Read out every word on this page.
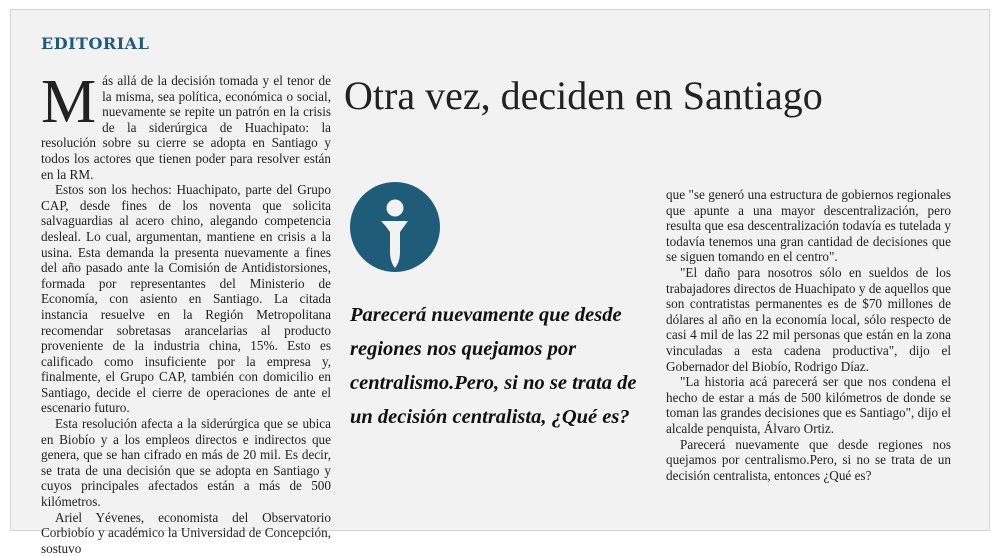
EDITORIAL

Más allá de la decisión tomada y el tenor de la misma, sea política, económica o social, nuevamente se repite un patrón en la crisis de la siderúrgica de Huachipato: la resolución sobre su cierre se adopta en Santiago y todos los actores que tienen poder para resolver están en la RM.

Estos son los hechos: Huachipato, parte del Grupo CAP, desde fines de los noventa que solicita salvaguardias al acero chino, alegando competencia desleal. Lo cual, argumentan, mantiene en crisis a la usina. Esta demanda la presenta nuevamente a fines del año pasado ante la Comisión de Antidistorsiones, formada por representantes del Ministerio de Economía, con asiento en Santiago. La citada instancia resuelve en la Región Metropolitana recomendar sobretasas arancelarias al producto proveniente de la industria china, 15%. Esto es calificado como insuficiente por la empresa y, finalmente, el Grupo CAP, también con domicilio en Santiago, decide el cierre de operaciones de ante el escenario futuro.

Esta resolución afecta a la siderúrgica que se ubica en Biobío y a los empleos directos e indirectos que genera, que se han cifrado en más de 20 mil. Es decir, se trata de una decisión que se adopta en Santiago y cuyos principales afectados están a más de 500 kilómetros.

Ariel Yévenes, economista del Observatorio Corbiobío y académico la Universidad de Concepción, sostuvo

Otra vez, deciden en Santiago
Parecerá nuevamente que desde regiones nos quejamos por centralismo.Pero, si no se trata de un decisión centralista, ¿Qué es?

que "se generó una estructura de gobiernos regionales que apunte a una mayor descentralización, pero resulta que esa descentralización todavía es tutelada y todavía tenemos una gran cantidad de decisiones que se siguen tomando en el centro".

"El daño para nosotros sólo en sueldos de los trabajadores directos de Huachipato y de aquellos que son contratistas permanentes es de $70 millones de dólares al año en la economía local, sólo respecto de casi 4 mil de las 22 mil personas que están en la zona vinculadas a esta cadena productiva", dijo el Gobernador del Biobío, Rodrigo Díaz.

"La historia acá parecerá ser que nos condena el hecho de estar a más de 500 kilómetros de donde se toman las grandes decisiones que es Santiago", dijo el alcalde penquista, Álvaro Ortiz.

Parecerá nuevamente que desde regiones nos quejamos por centralismo.Pero, si no se trata de un decisión centralista, entonces ¿Qué es?
